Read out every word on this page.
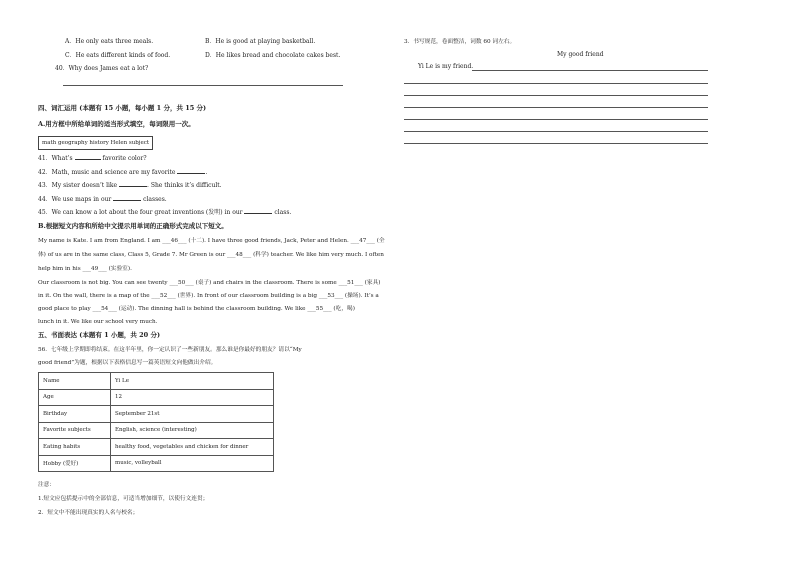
A．He only eats three meals.	B．He is good at playing basketball.
C．He eats different kinds of food.	D．He likes bread and chocolate cakes best.
40．Why does James eat a lot?
四、词汇运用 (本题有 15 小题，每小题 1 分，共 15 分)
A.用方框中所给单词的适当形式填空，每词限用一次。
math geography history Helen subject
41．What’s	favorite color?
42．Math, music and science are my favorite	.
43．My sister doesn’t like	. She thinks it’s difficult.
44．We use maps in our	classes.
45．We can know a lot about the four great inventions (发明) in our	class.
B.根据短文内容和所给中文提示用单词的正确形式完成以下短文。
My name is Kate. I am from England. I am ___46___ (十二). I have three good friends, Jack, Peter and Helen. ___47___ (全
体) of us are in the same class, Class 5, Grade 7. Mr Green is our ___48___ (科学) teacher. We like him very much. I often
help him in his ___49___ (实验室).
Our classroom is not big. You can see twenty ___50___ (桌子) and chairs in the classroom. There is some ___51___ (家具)
in it. On the wall, there is a map of the ___52___ (世界). In front of our classroom building is a big ___53___ (操场). It’s a
good place to play ___54___ (运动). The dinning hall is behind the classroom building. We like ___55___ (吃，喝)
lunch in it. We like our school very much.
五、书面表达 (本题有 1 小题，共 20 分)
56．七年级上学期即将结束。在这半年里，你一定认识了一些新朋友。那么谁是你最好的朋友？请以“My
good friend”为题，根据以下表格信息写一篇英语短文向他做出介绍。
Name	Yi Le
Age	12
Birthday	September 21st
Favorite subjects	English, science (interesting)
Eating habits	healthy food, vegetables and chicken for dinner
Hobby (爱好)	music, volleyball
注意：
1.短文应包括提示中的全部信息，可适当增加细节，以使行文连贯；
2．短文中不能出现真实的人名与校名；
3．书写规范，卷面整洁，词数 60 词左右。
My good friend
Yi Le is my friend.
